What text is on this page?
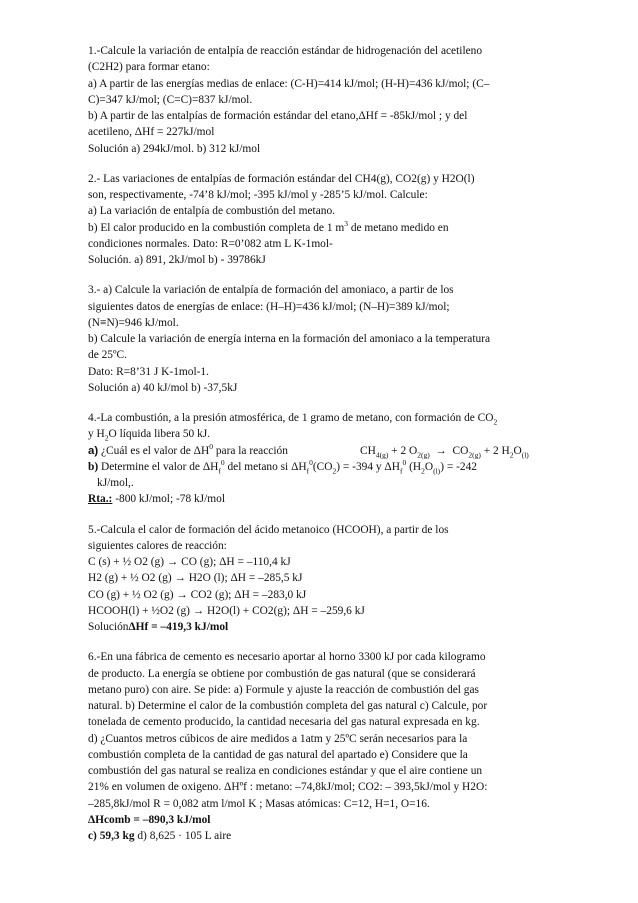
1.-Calcule la variación de entalpía de reacción estándar de hidrogenación del acetileno
(C2H2) para formar etano:
a) A partir de las energías medias de enlace: (C-H)=414 kJ/mol; (H-H)=436 kJ/mol; (C–
C)=347 kJ/mol; (C=C)=837 kJ/mol.
b) A partir de las entalpías de formación estándar del etano,ΔHf = -85kJ/mol ; y del
acetileno, ΔHf = 227kJ/mol
Solución a) 294kJ/mol. b) 312 kJ/mol
2.- Las variaciones de entalpías de formación estándar del CH4(g), CO2(g) y H2O(l)
son, respectivamente, -74’8 kJ/mol; -395 kJ/mol y -285’5 kJ/mol. Calcule:
a) La variación de entalpía de combustión del metano.
b) El calor producido en la combustión completa de 1 $m^3$ de metano medido en
condiciones normales. Dato: R=0’082 atm L K-1mol-
Solución. a) 891, 2kJ/mol b) - 39786kJ
3.- a) Calcule la variación de entalpía de formación del amoniaco, a partir de los
siguientes datos de energías de enlace: (H–H)=436 kJ/mol; (N–H)=389 kJ/mol;
(N≡N)=946 kJ/mol.
b) Calcule la variación de energía interna en la formación del amoniaco a la temperatura
de 25ºC.
Dato: R=8’31 J K-1mol-1.
Solución a) 40 kJ/mol b) -37,5kJ
4.-La combustión, a la presión atmosférica, de 1 gramo de metano, con formación de $CO_2$
y $H_2O$ líquida libera 50 kJ.
a) ¿Cuál es el valor de $\Delta H^0$ para la reacción	$CH_{4(g)} + 2$ $O_{2(g)} \to CO_{2(g)} + 2$ $H_2O_{(l)}$
b) Determine el valor de $\Delta H_f^0$ del metano si $\Delta H_f^0(CO_2) = -394$ y $\Delta H_f^0$ $(H_2O_{(l)}) = -242$
kJ/mol,.
Rta.: -800 kJ/mol; -78 kJ/mol
5.-Calcula el calor de formación del ácido metanoico (HCOOH), a partir de los
siguientes calores de reacción:
C (s) + ½ O2 (g) → CO (g); ΔH = –110,4 kJ
H2 (g) + ½ O2 (g) → H2O (l); ΔH = –285,5 kJ
CO (g) + ½ O2 (g) → CO2 (g); ΔH = –283,0 kJ
HCOOH(l) + ½O2 (g) → H2O(l) + CO2(g); ΔH = –259,6 kJ
SoluciónΔHf = –419,3 kJ/mol
6.-En una fábrica de cemento es necesario aportar al horno 3300 kJ por cada kilogramo
de producto. La energía se obtiene por combustión de gas natural (que se considerará
metano puro) con aire. Se pide: a) Formule y ajuste la reacción de combustión del gas
natural. b) Determine el calor de la combustión completa del gas natural c) Calcule, por
tonelada de cemento producido, la cantidad necesaria del gas natural expresada en kg.
d) ¿Cuantos metros cúbicos de aire medidos a 1atm y 25ºC serán necesarios para la
combustión completa de la cantidad de gas natural del apartado e) Considere que la
combustión del gas natural se realiza en condiciones estándar y que el aire contiene un
21% en volumen de oxigeno. ΔHºf : metano: –74,8kJ/mol; CO2: – 393,5kJ/mol y H2O:
–285,8kJ/mol R = 0,082 atm l/mol K ; Masas atómicas: C=12, H=1, O=16.
ΔHcomb = –890,3 kJ/mol
c) 59,3 kg d) 8,625 · 105 L aire
